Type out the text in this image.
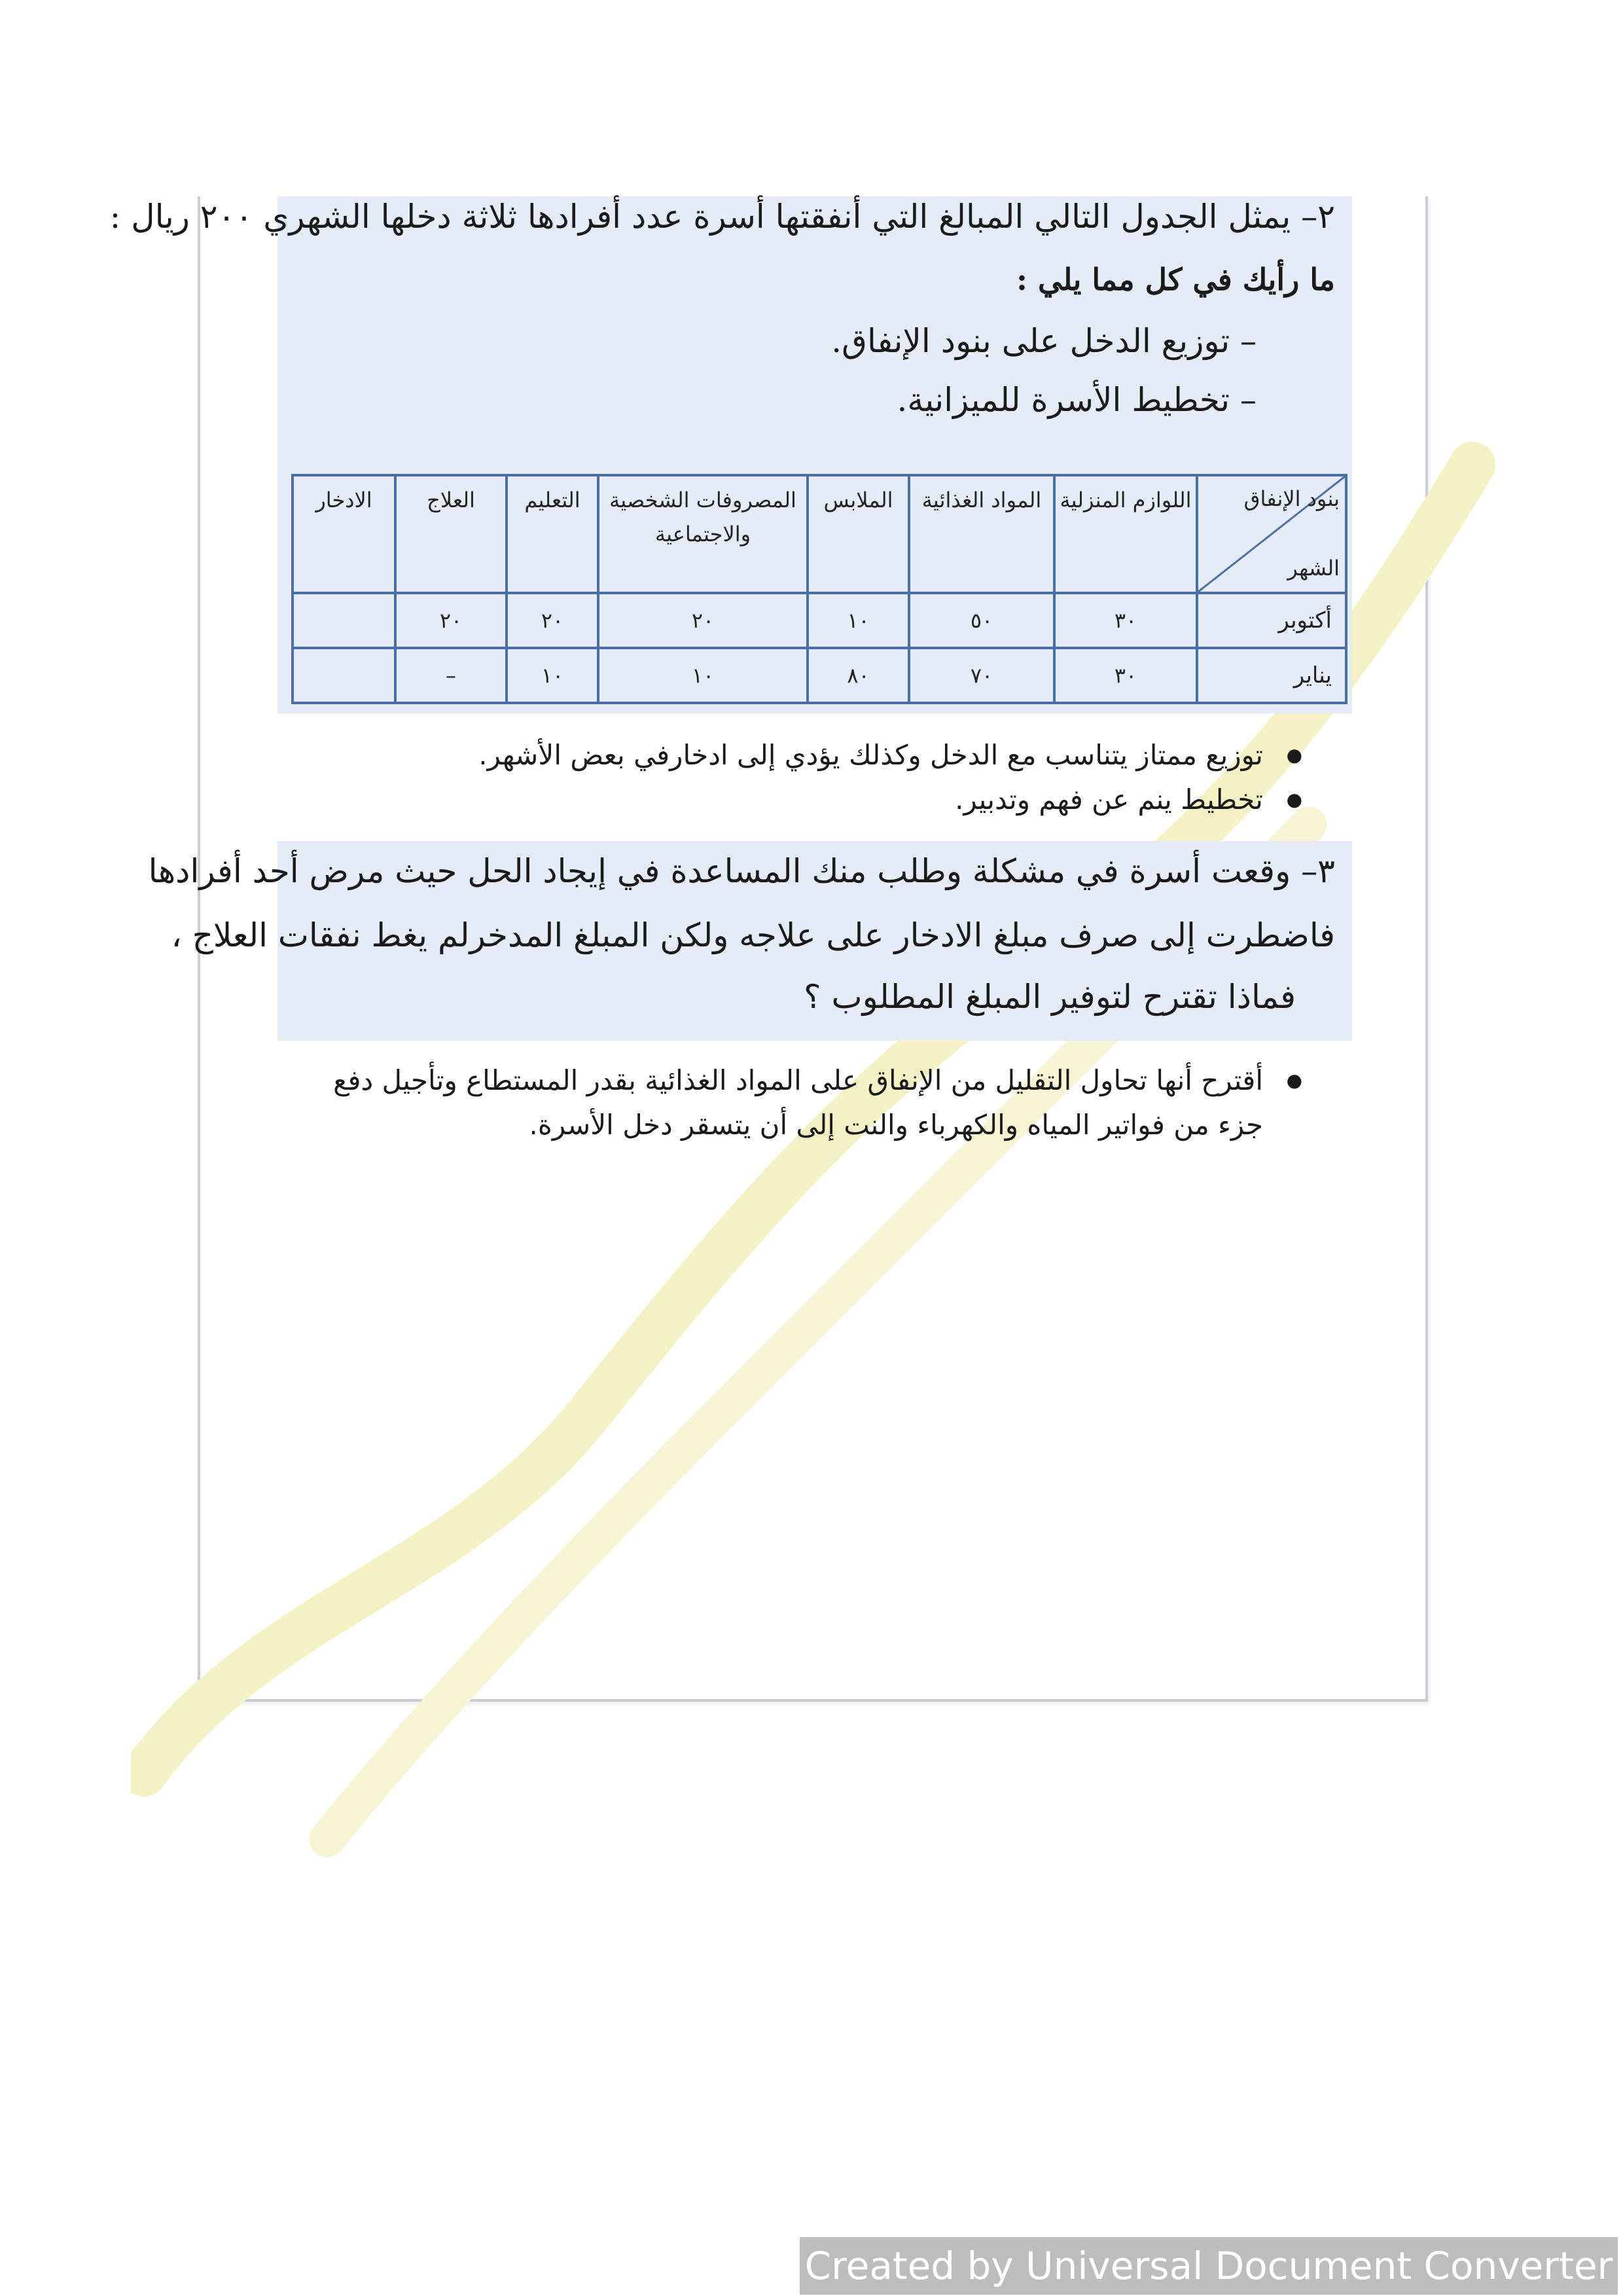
٢– يمثل الجدول التالي المبالغ التي أنفقتها أسرة عدد أفرادها ثلاثة دخلها الشهري ٢٠٠ ريال :
ما رأيك في كل مما يلي :
– توزيع الدخل على بنود الإنفاق.
– تخطيط الأسرة للميزانية.
بنود الإنفاق
الشهر	اللوازم المنزلية	المواد الغذائية	الملابس	المصروفات الشخصية والاجتماعية	التعليم	العلاج	الادخار
أكتوبر	٣٠	٥٠	١٠	٢٠	٢٠	٢٠	
يناير	٣٠	٧٠	٨٠	١٠	١٠	–	
● توزيع ممتاز يتناسب مع الدخل وكذلك يؤدي إلى ادخارفي بعض الأشهر.
● تخطيط ينم عن فهم وتدبير.
٣– وقعت أسرة في مشكلة وطلب منك المساعدة في إيجاد الحل حيث مرض أحد أفرادها
فاضطرت إلى صرف مبلغ الادخار على علاجه ولكن المبلغ المدخرلم يغط نفقات العلاج ،
فماذا تقترح لتوفير المبلغ المطلوب ؟
● أقترح أنها تحاول التقليل من الإنفاق على المواد الغذائية بقدر المستطاع وتأجيل دفع جزء من فواتير المياه والكهرباء والنت إلى أن يتسقر دخل الأسرة.
Created by Universal Document Converter
